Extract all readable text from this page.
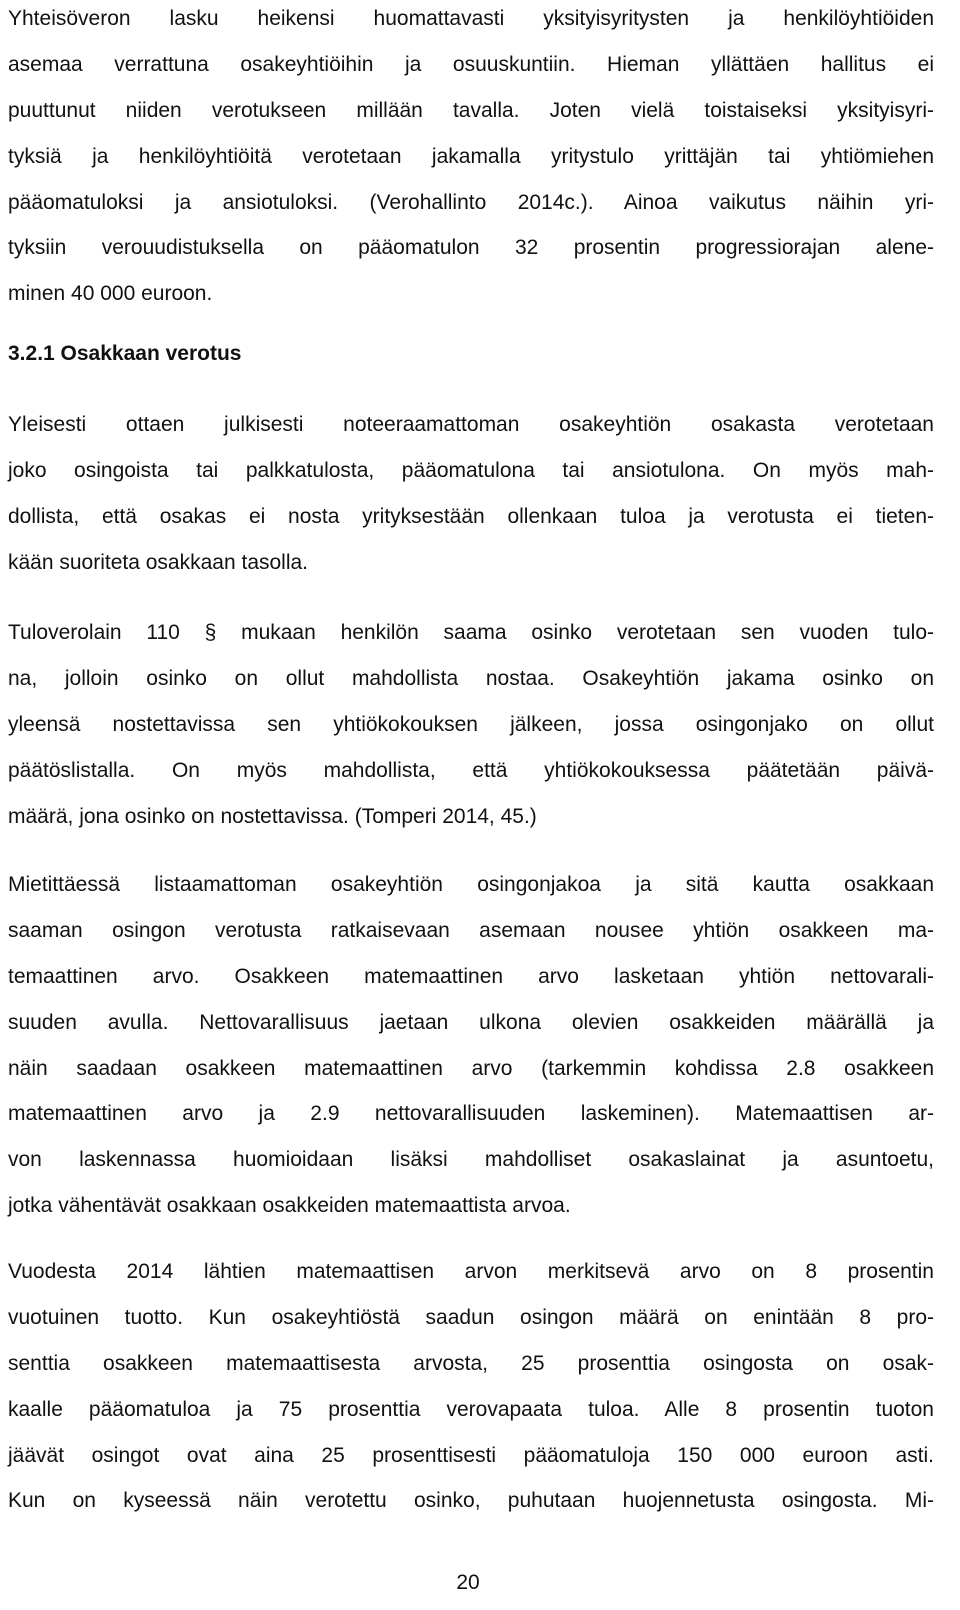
Yhteisöveron lasku heikensi huomattavasti yksityisyritysten ja henkilöyhtiöiden
asemaa verrattuna osakeyhtiöihin ja osuuskuntiin. Hieman yllättäen hallitus ei
puuttunut niiden verotukseen millään tavalla. Joten vielä toistaiseksi yksityisyri-
tyksiä ja henkilöyhtiöitä verotetaan jakamalla yritystulo yrittäjän tai yhtiömiehen
pääomatuloksi ja ansiotuloksi. (Verohallinto 2014c.). Ainoa vaikutus näihin yri-
tyksiin verouudistuksella on pääomatulon 32 prosentin progressiorajan alene-
minen 40 000 euroon.
3.2.1 Osakkaan verotus
Yleisesti ottaen julkisesti noteeraamattoman osakeyhtiön osakasta verotetaan
joko osingoista tai palkkatulosta, pääomatulona tai ansiotulona. On myös mah-
dollista, että osakas ei nosta yrityksestään ollenkaan tuloa ja verotusta ei tieten-
kään suoriteta osakkaan tasolla.
Tuloverolain 110 § mukaan henkilön saama osinko verotetaan sen vuoden tulo-
na, jolloin osinko on ollut mahdollista nostaa. Osakeyhtiön jakama osinko on
yleensä nostettavissa sen yhtiökokouksen jälkeen, jossa osingonjako on ollut
päätöslistalla. On myös mahdollista, että yhtiökokouksessa päätetään päivä-
määrä, jona osinko on nostettavissa. (Tomperi 2014, 45.)
Mietittäessä listaamattoman osakeyhtiön osingonjakoa ja sitä kautta osakkaan
saaman osingon verotusta ratkaisevaan asemaan nousee yhtiön osakkeen ma-
temaattinen arvo. Osakkeen matemaattinen arvo lasketaan yhtiön nettovarali-
suuden avulla. Nettovarallisuus jaetaan ulkona olevien osakkeiden määrällä ja
näin saadaan osakkeen matemaattinen arvo (tarkemmin kohdissa 2.8 osakkeen
matemaattinen arvo ja 2.9 nettovarallisuuden laskeminen). Matemaattisen ar-
von laskennassa huomioidaan lisäksi mahdolliset osakaslainat ja asuntoetu,
jotka vähentävät osakkaan osakkeiden matemaattista arvoa.
Vuodesta 2014 lähtien matemaattisen arvon merkitsevä arvo on 8 prosentin
vuotuinen tuotto. Kun osakeyhtiöstä saadun osingon määrä on enintään 8 pro-
senttia osakkeen matemaattisesta arvosta, 25 prosenttia osingosta on osak-
kaalle pääomatuloa ja 75 prosenttia verovapaata tuloa. Alle 8 prosentin tuoton
jäävät osingot ovat aina 25 prosenttisesti pääomatuloja 150 000 euroon asti.
Kun on kyseessä näin verotettu osinko, puhutaan huojennetusta osingosta. Mi-
20
